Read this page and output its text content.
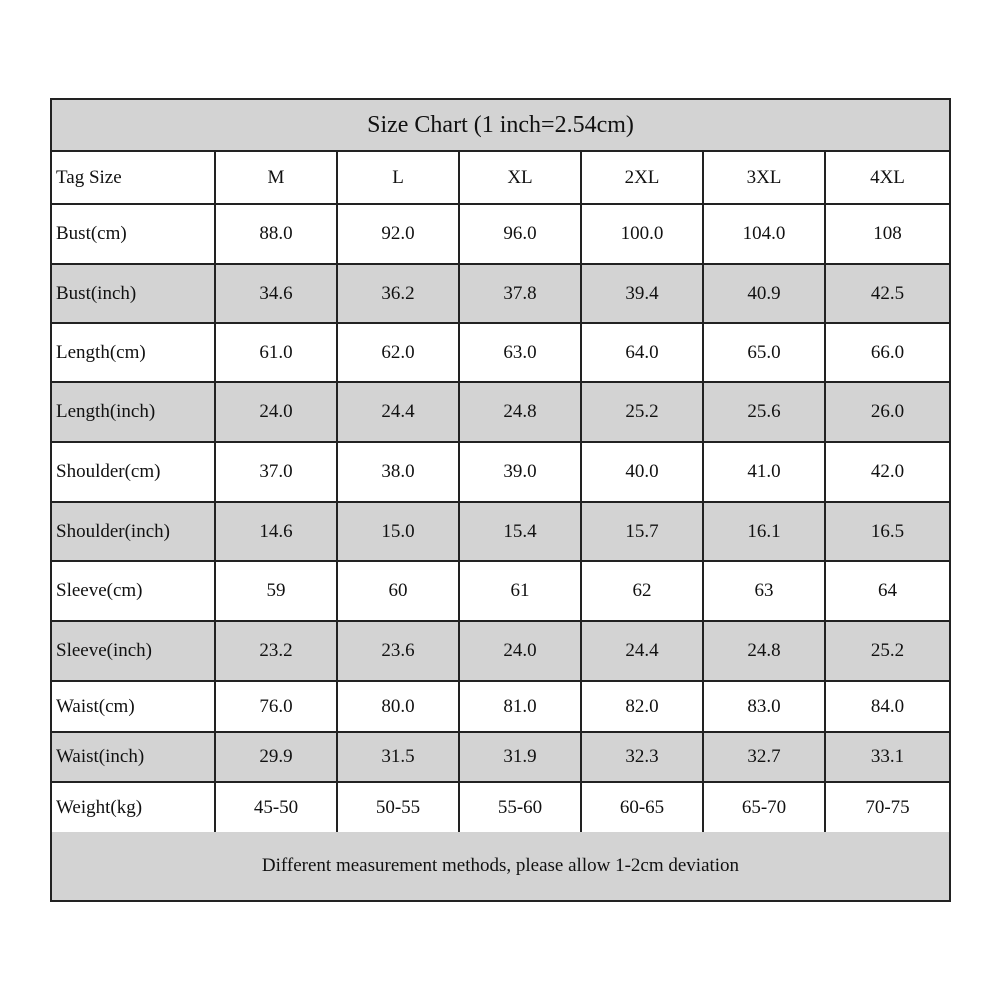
Size Chart (1 inch=2.54cm)
Tag Size	M	L	XL	2XL	3XL	4XL
Bust(cm)	88.0	92.0	96.0	100.0	104.0	108
Bust(inch)	34.6	36.2	37.8	39.4	40.9	42.5
Length(cm)	61.0	62.0	63.0	64.0	65.0	66.0
Length(inch)	24.0	24.4	24.8	25.2	25.6	26.0
Shoulder(cm)	37.0	38.0	39.0	40.0	41.0	42.0
Shoulder(inch)	14.6	15.0	15.4	15.7	16.1	16.5
Sleeve(cm)	59	60	61	62	63	64
Sleeve(inch)	23.2	23.6	24.0	24.4	24.8	25.2
Waist(cm)	76.0	80.0	81.0	82.0	83.0	84.0
Waist(inch)	29.9	31.5	31.9	32.3	32.7	33.1
Weight(kg)	45-50	50-55	55-60	60-65	65-70	70-75
Different measurement methods, please allow 1-2cm deviation
